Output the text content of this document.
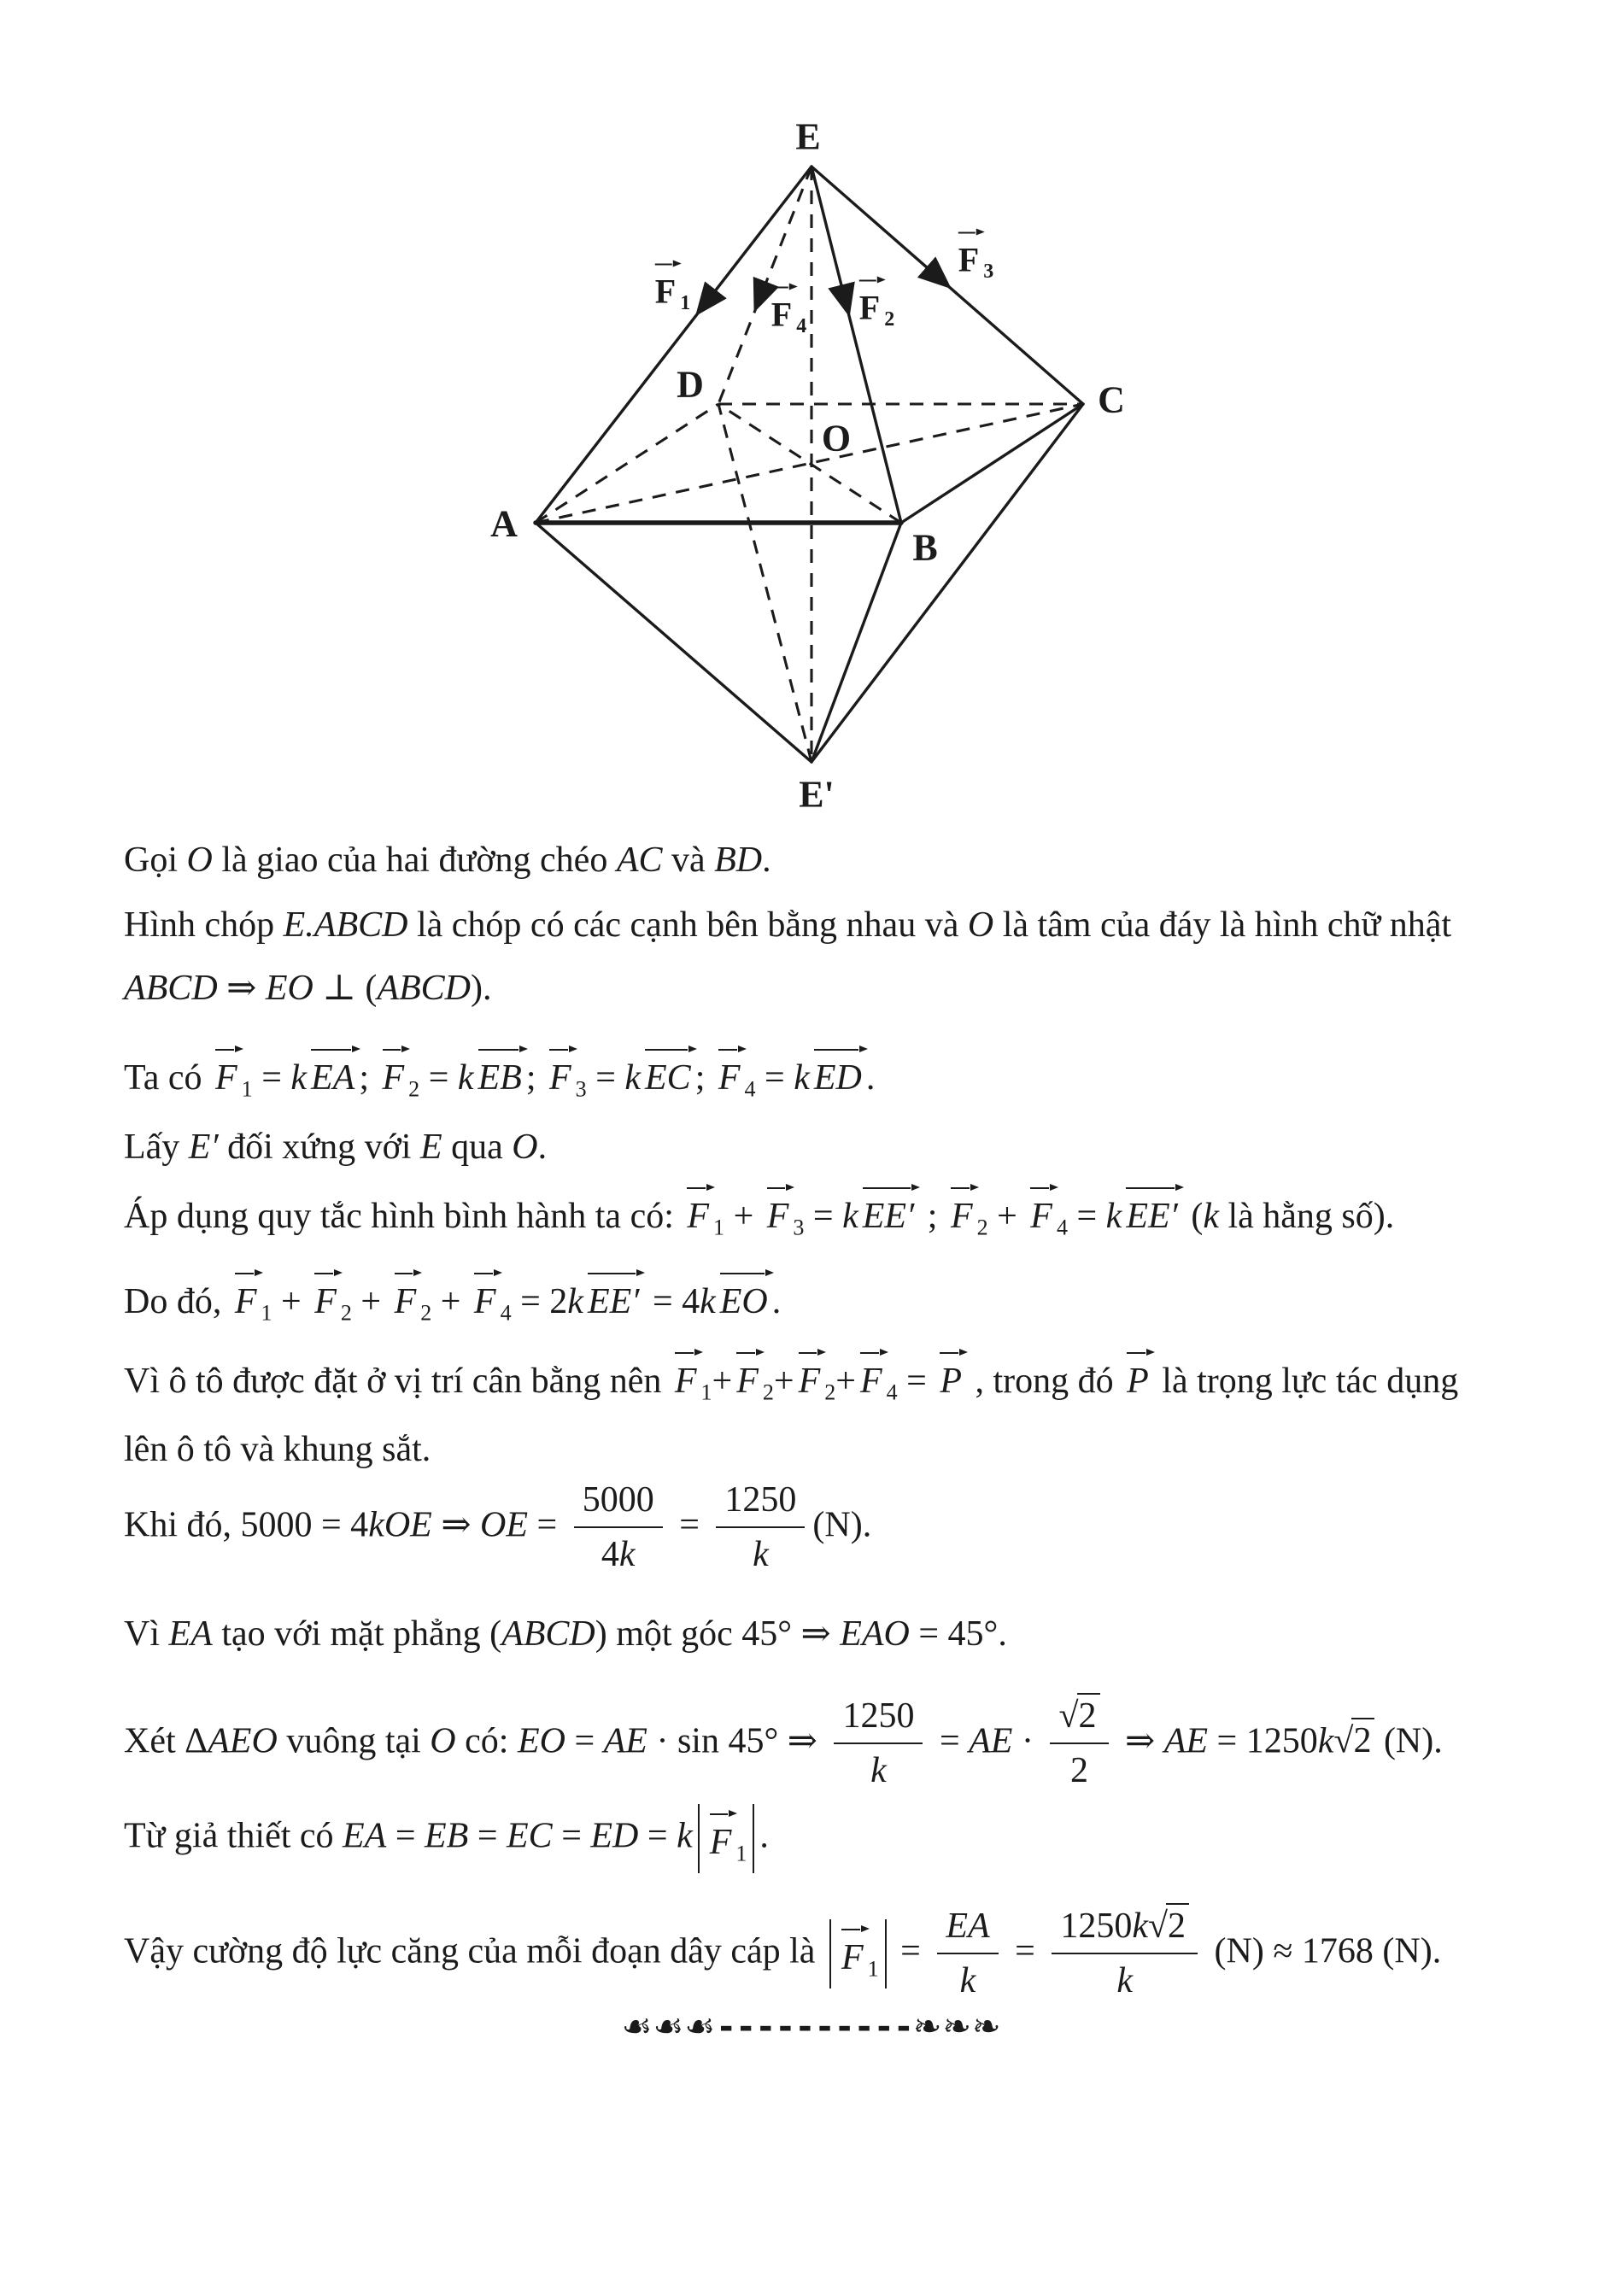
E
A
B
C
D
O
E'
F $_1$ F $_4$ F $_2$
F $_3$

Gọi O là giao của hai đường chéo AC và BD.

Hình chóp E.ABCD là chóp có các cạnh bên bằng nhau và O là tâm của đáy là hình chữ nhật

ABCD ⇒ EO ⊥ (ABCD).

Ta có F $_1$ = k EA ; F $_2$ = k EB ; F $_3$ = k EC ; F $_4$ = k ED .

Lấy E′ đối xứng với E qua O.

Áp dụng quy tắc hình bình hành ta có: F $_1$ + F $_3$ = k EE′ ; F $_2$ + F $_4$ = k EE′ (k là hằng số).

Do đó, F $_1$ + F $_2$ + F $_2$ + F $_4$ = 2k EE′ = 4k EO .

Vì ô tô được đặt ở vị trí cân bằng nên F $_1$+ F $_2$+ F $_2$+ F $_4$ = P , trong đó P là trọng lực tác dụng

lên ô tô và khung sắt.

Khi đó, 5000 = 4kOE ⇒ OE = $\frac{5000}{4k} = \frac{1250}{k} (N)$.

Vì EA tạo với mặt phẳng (ABCD) một góc 45° ⇒ EAO = 45°.

Xét ΔAEO vuông tại O có: EO = AE · sin 45° ⇒ $\frac{1250}{k}$ = AE · $\frac{√2}{2}$ ⇒ AE = 1250k√2 (N).

Từ giả thiết có EA = EB = EC = ED = k F $_1$ .

Vậy cường độ lực căng của mỗi đoạn dây cáp là F $_1 = \frac{EA}{k} = \frac{1250k√2}{k} (N) \approx 1768$ (N).

☙☙☙----------❧❧❧
